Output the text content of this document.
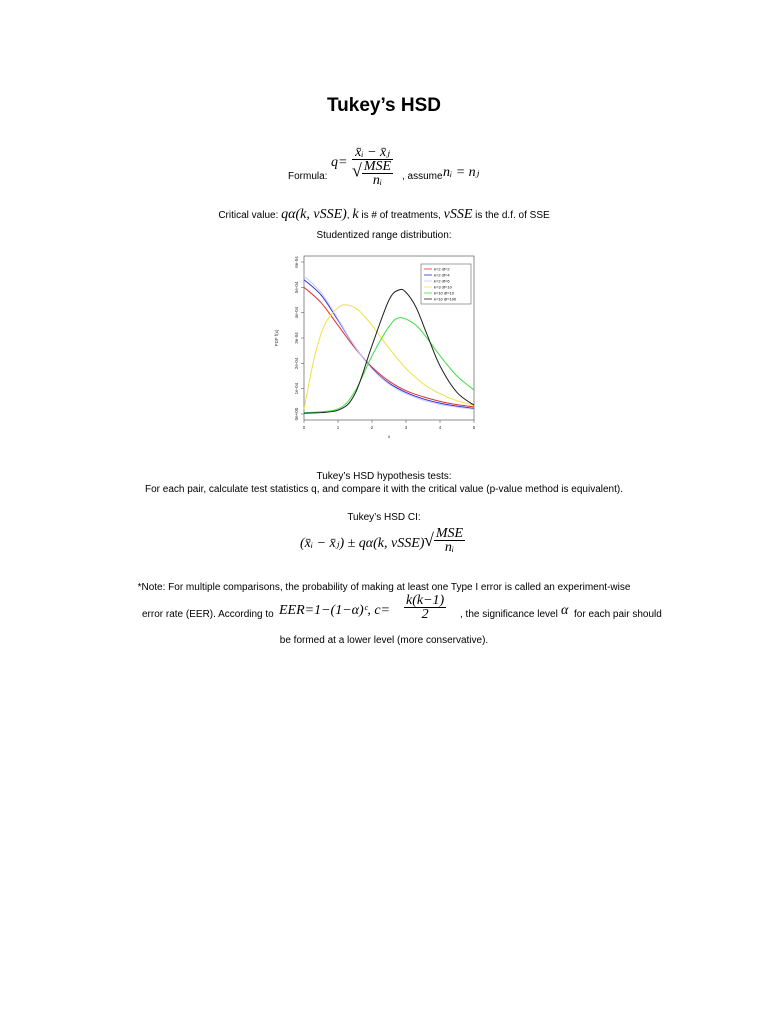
Tukey’s HSD
Formula:
q=
x̄ᵢ − x̄ⱼ
√ $\frac{\text{MSE}}{\text{nᵢ}}$ , assume nᵢ = nⱼ
Critical value: qα(k, vSSE), k is # of treatments, vSSE is the d.f. of SSE
Studentized range distribution:
0	1	2	3	4	5
x
0e+00
1e-04
2e-04
3e-04
4e-04
5e-04
6e-04
PDF f(x)
k=2 df=2
k=2 df=4
k=2 df=6
k=3 df=10
k=10 df=10
k=10 df=100
Tukey’s HSD hypothesis tests:
For each pair, calculate test statistics q, and compare it with the critical value (p-value method is equivalent).
Tukey’s HSD CI:
(x̄ᵢ − x̄ⱼ) ± qα(k, vSSE) √ $\frac{\text{MSE}}{\text{nᵢ}}$
*Note: For multiple comparisons, the probability of making at least one Type I error is called an experiment-wise
error rate (EER). According to EER=1−(1−α)ᶜ, $c= \frac{k(k-1)}{2}$ , the significance level α for each pair should
be formed at a lower level (more conservative).
